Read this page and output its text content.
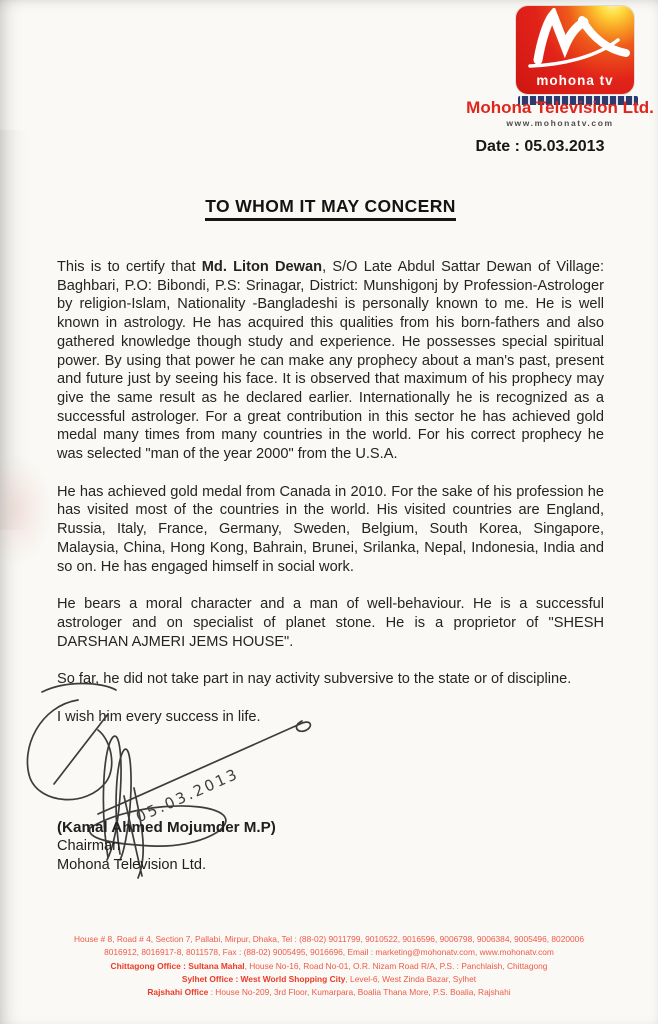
mohona tv
Mohona Television Ltd.
www.mohonatv.com
Date : 05.03.2013
TO WHOM IT MAY CONCERN

This is to certify that Md. Liton Dewan, S/O Late Abdul Sattar Dewan of Village: Baghbari, P.O: Bibondi, P.S: Srinagar, District: Munshigonj by Profession-Astrologer by religion-Islam, Nationality -Bangladeshi is personally known to me. He is well known in astrology. He has acquired this qualities from his born-fathers and also gathered knowledge though study and experience. He possesses special spiritual power. By using that power he can make any prophecy about a man's past, present and future just by seeing his face. It is observed that maximum of his prophecy may give the same result as he declared earlier. Internationally he is recognized as a successful astrologer. For a great contribution in this sector he has achieved gold medal many times from many countries in the world. For his correct prophecy he was selected "man of the year 2000" from the U.S.A.

He has achieved gold medal from Canada in 2010. For the sake of his profession he has visited most of the countries in the world. His visited countries are England, Russia, Italy, France, Germany, Sweden, Belgium, South Korea, Singapore, Malaysia, China, Hong Kong, Bahrain, Brunei, Srilanka, Nepal, Indonesia, India and so on. He has engaged himself in social work.

He bears a moral character and a man of well-behaviour. He is a successful astrologer and on specialist of planet stone. He is a proprietor of "SHESH DARSHAN AJMERI JEMS HOUSE".

So far, he did not take part in nay activity subversive to the state or of discipline.

I wish him every success in life.

05.03.2013
(Kamal Ahmed Mojumder M.P)
Chairman
Mohona Television Ltd.
House # 8, Road # 4, Section 7, Pallabi, Mirpur, Dhaka, Tel : (88-02) 9011799, 9010522, 9016596, 9006798, 9006384, 9005496, 8020006
8016912, 8016917-8, 8011578, Fax : (88-02) 9005495, 9016696, Email : marketing@mohonatv.com, www.mohonatv.com
Chittagong Office : Sultana Mahal, House No-16, Road No-01, O.R. Nizam Road R/A, P.S. : Panchlaish, Chittagong
Sylhet Office : West World Shopping City, Level-6, West Zinda Bazar, Sylhet
Rajshahi Office : House No-209, 3rd Floor, Kumarpara, Boalia Thana More, P.S. Boalia, Rajshahi
